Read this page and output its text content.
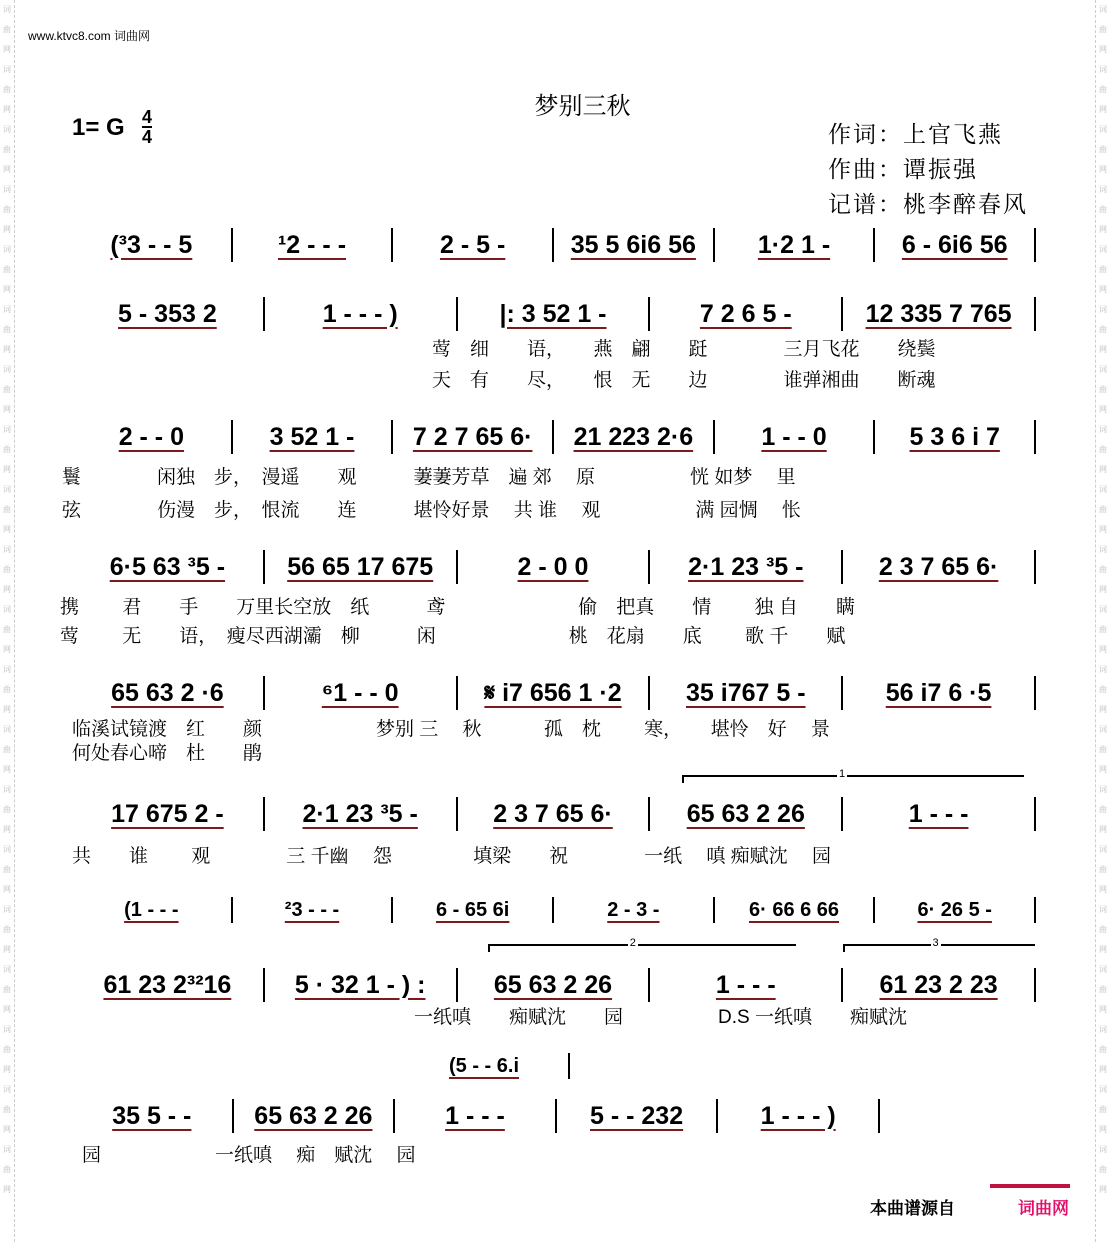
词曲网
词曲网
词曲网
词曲网
词曲网
词曲网
词曲网
词曲网
词曲网
词曲网
词曲网
词曲网
词曲网
词曲网
词曲网
词曲网
词曲网
词曲网
词曲网
词曲网

词曲网
词曲网
词曲网
词曲网
词曲网
词曲网
词曲网
词曲网
词曲网
词曲网
词曲网
词曲网
词曲网
词曲网
词曲网
词曲网
词曲网
词曲网
词曲网
词曲网

www.ktvc8.com 词曲网
梦别三秋
1= G 4
4	作词：上官飞燕
作曲：谭振强
记谱：桃李醉春风
1
2	3
(³3 - - 5	¹2 - - -	2 - 5 -	35 5 6i6 56	1·2 1 -	6 - 6i6 56
5 - 353 2	1 - - - )	|: 3 52 1 -	7 2 6 5 -	12 335 7 765
莺　细　　语，　　燕　翩　　跹　　　　三月飞花　　绕鬓
天　有　　尽，　　恨　无　　边　　　　谁弹湘曲　　断魂
2 - - 0	3 52 1 -	7 2 7 65 6·	21 223 2·6	1 - - 0	5 3 6 i 7
鬟　　　　闲独　步，　漫遥　　观　　　萋萋芳草　遍 郊　 原　　　　　恍 如梦　 里
弦　　　　伤漫　步，　恨流　　连　　　堪怜好景　 共 谁　 观　　　　　满 园惆　 怅
6·5 63 ³5 -	56 65 17 675	2 - 0 0	2·1 23 ³5 -	2 3 7 65 6·
携　　 君　　手　　万里长空放　纸　　　鸢　　　　　　　偷　把真　　情　　 独 自　　瞒
莺　　 无　　语，　瘦尽西湖灞　柳　　　闲　　　　　　　桃　花扇　　底　　 歌 千　　赋
65 63 2 ·6	⁶1 - - 0	𝄋 i7 656 1 ·2	35 i767 5 -	56 i7 6 ·5
临溪试镜渡　红　　颜　　　　　　梦别 三　 秋　　　 孤　枕　　 寒，　　堪怜　好　 景
何处春心啼　杜　　鹃
17 675 2 -	2·1 23 ³5 -	2 3 7 65 6·	65 63 2 26	1 - - -
共　　谁　　 观　　　　三 千幽　 怨　　　　 填梁　　祝　　　　一纸　 嗔 痴赋沈　 园
(1 - - -	²3 - - -	6 - 65 6i	2 - 3 -	6· 66 6 66	6· 26 5 -
61 23 2³²16	5 · 32 1 - ) :	65 63 2 26	1 - - -	61 23 2 23
　　　　　　　　　　　　　　　　　　一纸嗔　　痴赋沈　　园　　　　　D.S 一纸嗔　　痴赋沈
(5 - - 6.i
35 5 - -	65 63 2 26	1 - - -	5 - - 232	1 - - - )
园　　　　　　一纸嗔　 痴　赋沈　 园
本曲谱源自	词曲网
